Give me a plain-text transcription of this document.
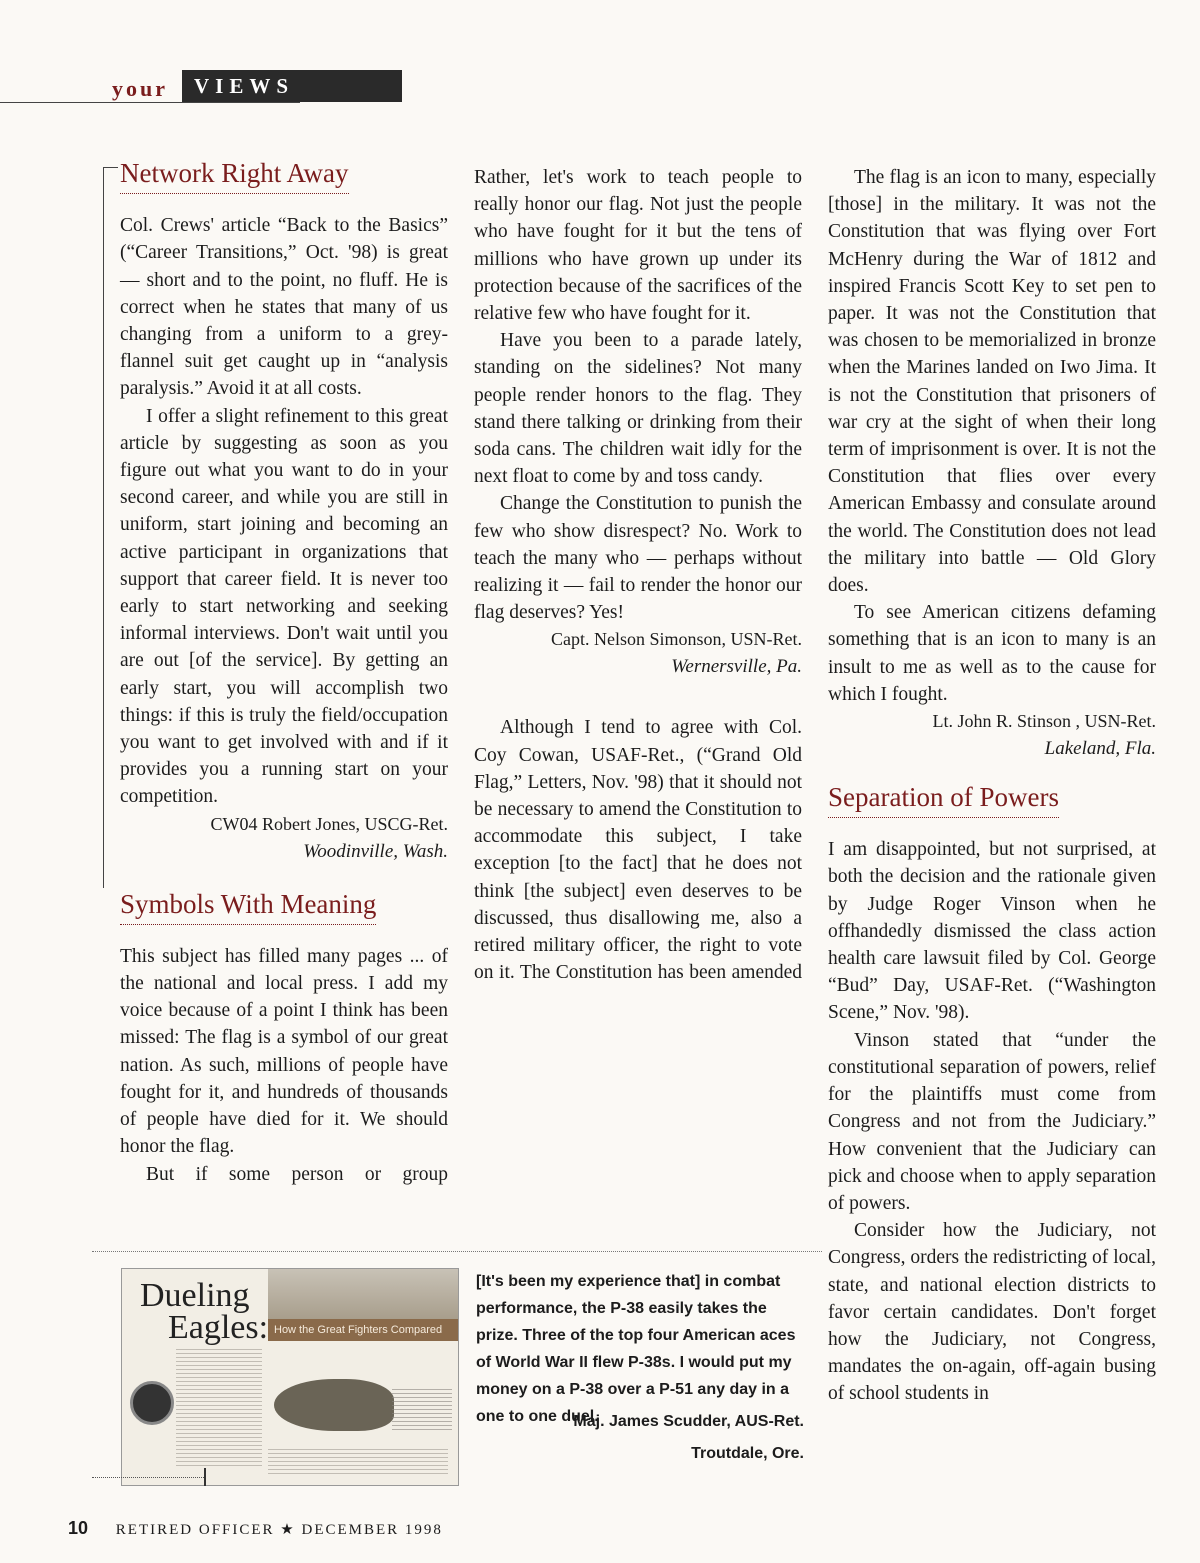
your	VIEWS
Network Right Away

Col. Crews' article “Back to the Basics” (“Career Transitions,” Oct. '98) is great — short and to the point, no fluff. He is correct when he states that many of us changing from a uniform to a grey-flannel suit get caught up in “analysis paralysis.” Avoid it at all costs.

I offer a slight refinement to this great article by suggesting as soon as you figure out what you want to do in your second career, and while you are still in uniform, start joining and becoming an active participant in organizations that support that career field. It is never too early to start networking and seeking informal interviews. Don't wait until you are out [of the service]. By getting an early start, you will accomplish two things: if this is truly the field/occupation you want to get involved with and if it provides you a running start on your competition.

CW04 Robert Jones, USCG-Ret.
Woodinville, Wash.
Symbols With Meaning

This subject has filled many pages ... of the national and local press. I add my voice because of a point I think has been missed: The flag is a symbol of our great nation. As such, millions of people have fought for it, and hundreds of thousands of people have died for it. We should honor the flag.

But if some person or group

Rather, let's work to teach people to really honor our flag. Not just the people who have fought for it but the tens of millions who have grown up under its protection because of the sacrifices of the relative few who have fought for it.

Have you been to a parade lately, standing on the sidelines? Not many people render honors to the flag. They stand there talking or drinking from their soda cans. The children wait idly for the next float to come by and toss candy.

Change the Constitution to punish the few who show disrespect? No. Work to teach the many who — perhaps without realizing it — fail to render the honor our flag deserves? Yes!

Capt. Nelson Simonson, USN-Ret.
Wernersville, Pa.

Although I tend to agree with Col. Coy Cowan, USAF-Ret., (“Grand Old Flag,” Letters, Nov. '98) that it should not be necessary to amend the Constitution to accommodate this subject, I take exception [to the fact] that he does not think [the subject] even deserves to be discussed, thus disallowing me, also a retired military officer, the right to vote on it. The Constitution has been amended

The flag is an icon to many, especially [those] in the military. It was not the Constitution that was flying over Fort McHenry during the War of 1812 and inspired Francis Scott Key to set pen to paper. It was not the Constitution that was chosen to be memorialized in bronze when the Marines landed on Iwo Jima. It is not the Constitution that prisoners of war cry at the sight of when their long term of imprisonment is over. It is not the Constitution that flies over every American Embassy and consulate around the world. The Constitution does not lead the military into battle — Old Glory does.

To see American citizens defaming something that is an icon to many is an insult to me as well as to the cause for which I fought.

Lt. John R. Stinson , USN-Ret.
Lakeland, Fla.
Separation of Powers

I am disappointed, but not surprised, at both the decision and the rationale given by Judge Roger Vinson when he offhandedly dismissed the class action health care lawsuit filed by Col. George “Bud” Day, USAF-Ret. (“Washington Scene,” Nov. '98).

Vinson stated that “under the constitutional separation of powers, relief for the plaintiffs must come from Congress and not from the Judiciary.” How convenient that the Judiciary can pick and choose when to apply separation of powers.

Consider how the Judiciary, not Congress, orders the redistricting of local, state, and national election districts to favor certain candidates. Don't forget how the Judiciary, not Congress, mandates the on-again, off-again busing of school students in

Dueling
Eagles: How the Great Fighters Compared
[It's been my experience that] in combat performance, the P-38 easily takes the prize. Three of the top four American aces of World War II flew P-38s. I would put my money on a P-38 over a P-51 any day in a one to one duel.
Maj. James Scudder, AUS-Ret.
Troutdale, Ore.
10 RETIRED OFFICER ★ DECEMBER 1998
